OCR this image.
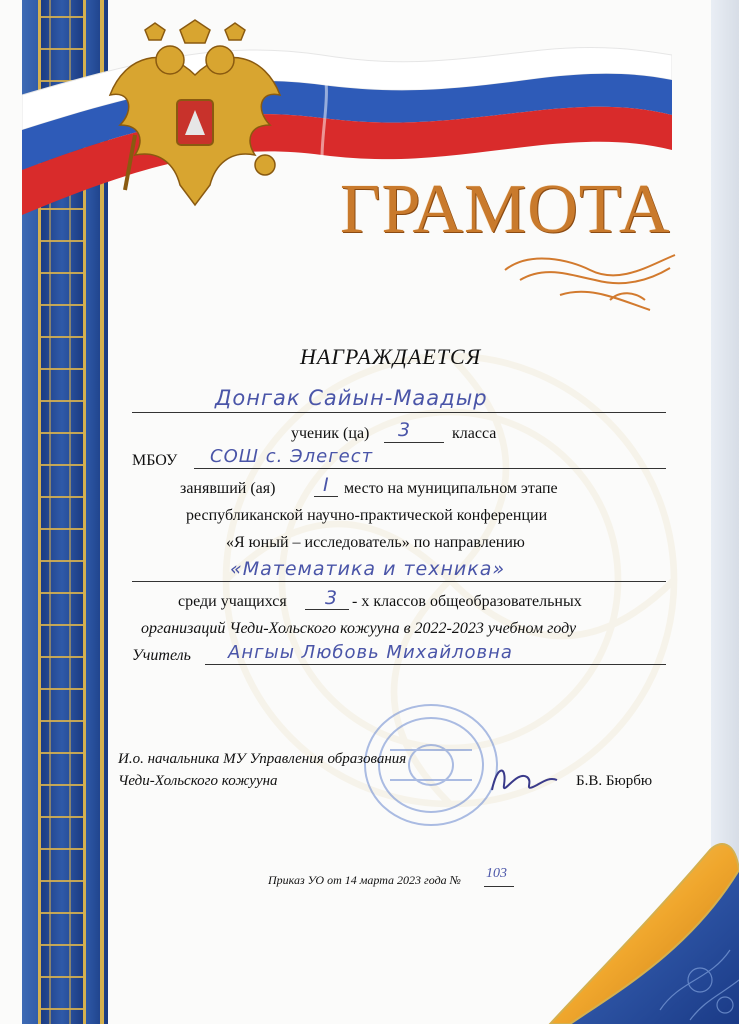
ГРАМОТА
НАГРАЖДАЕТСЯ
Донгак Сайын-Маадыр
ученик (ца) 3	класса
МБОУ СОШ с. Элегест
занявший (ая)	I место на муниципальном этапе
республиканской научно-практической конференции
«Я юный – исследователь» по направлению
«Математика и техника»
среди учащихся 3 - х классов общеобразовательных
организаций Чеди-Хольского кожууна в 2022-2023 учебном году
Учитель Ангыы Любовь Михайловна
И.о. начальника МУ Управления образования
Чеди-Хольского кожууна	Б.В. Бюрбю
Приказ УО от 14 марта 2023 года № 103
